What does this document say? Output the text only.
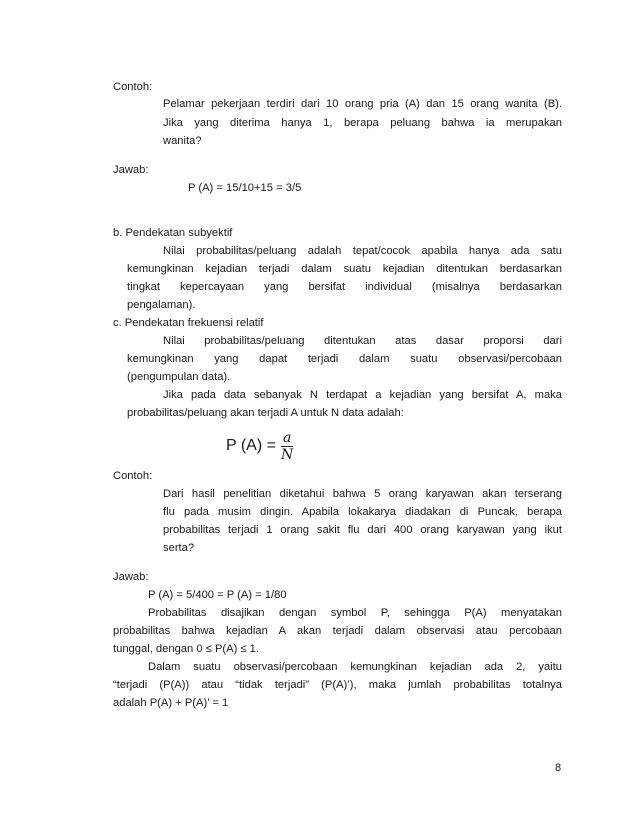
Contoh:
Pelamar pekerjaan terdiri dari 10 orang pria (A) dan 15 orang wanita (B).
Jika yang diterima hanya 1, berapa peluang bahwa ia merupakan
wanita?
Jawab:
P (A) = 15/10+15 = 3/5
b. Pendekatan subyektif
Nilai probabilitas/peluang adalah tepat/cocok apabila hanya ada satu
kemungkinan kejadian terjadi dalam suatu kejadian ditentukan berdasarkan
tingkat kepercayaan yang bersifat individual (misalnya berdasarkan
pengalaman).
c. Pendekatan frekuensi relatif
Nilai probabilitas/peluang ditentukan atas dasar proporsi dari
kemungkinan yang dapat terjadi dalam suatu observasi/percobaan
(pengumpulan data).
Jika pada data sebanyak N terdapat a kejadian yang bersifat A, maka
probabilitas/peluang akan terjadi A untuk N data adalah:
P $(A) = \frac{a}{N}$
Contoh:
Dari hasil penelitian diketahui bahwa 5 orang karyawan akan terserang
flu pada musim dingin. Apabila lokakarya diadakan di Puncak, berapa
probabilitas terjadi 1 orang sakit flu dari 400 orang karyawan yang ikut
serta?
Jawab:
P (A) = 5/400 = P (A) = 1/80
Probabilitas disajikan dengan symbol P, sehingga P(A) menyatakan
probabilitas bahwa kejadian A akan terjadi dalam observasi atau percobaan
tunggal, dengan 0 ≤ P(A) ≤ 1.
Dalam suatu observasi/percobaan kemungkinan kejadian ada 2, yaitu
“terjadi (P(A)) atau “tidak terjadi” (P(A)’), maka jumlah probabilitas totalnya
adalah P(A) + P(A)’ = 1
8
